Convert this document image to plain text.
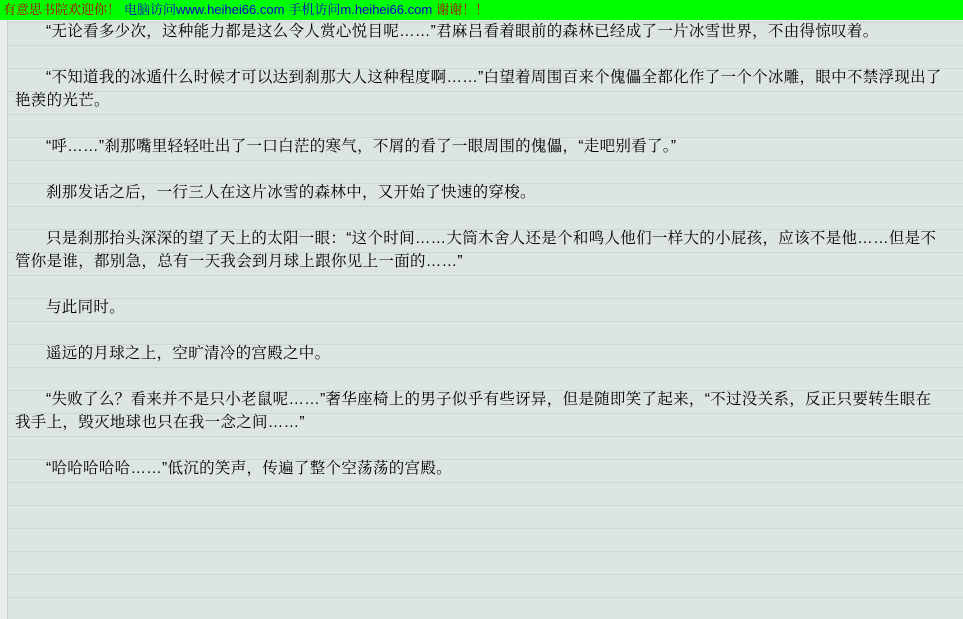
有意思书院欢迎你！ 电脑访问www.heihei66.com 手机访问m.heihei66.com 谢谢！！

“无论看多少次，这种能力都是这么令人赏心悦目呢……”君麻吕看着眼前的森林已经成了一片冰雪世界，不由得惊叹着。

“不知道我的冰遁什么时候才可以达到刹那大人这种程度啊……”白望着周围百来个傀儡全都化作了一个个冰雕，眼中不禁浮现出了艳羡的光芒。

“呼……”刹那嘴里轻轻吐出了一口白茫的寒气，不屑的看了一眼周围的傀儡，“走吧别看了。”

刹那发话之后，一行三人在这片冰雪的森林中，又开始了快速的穿梭。

只是刹那抬头深深的望了天上的太阳一眼：“这个时间……大筒木舍人还是个和鸣人他们一样大的小屁孩，应该不是他……但是不管你是谁，都别急，总有一天我会到月球上跟你见上一面的……”

与此同时。

遥远的月球之上，空旷清冷的宫殿之中。

“失败了么？看来并不是只小老鼠呢……”奢华座椅上的男子似乎有些讶异，但是随即笑了起来，“不过没关系，反正只要转生眼在我手上，毁灭地球也只在我一念之间……”

“哈哈哈哈哈……”低沉的笑声，传遍了整个空荡荡的宫殿。
